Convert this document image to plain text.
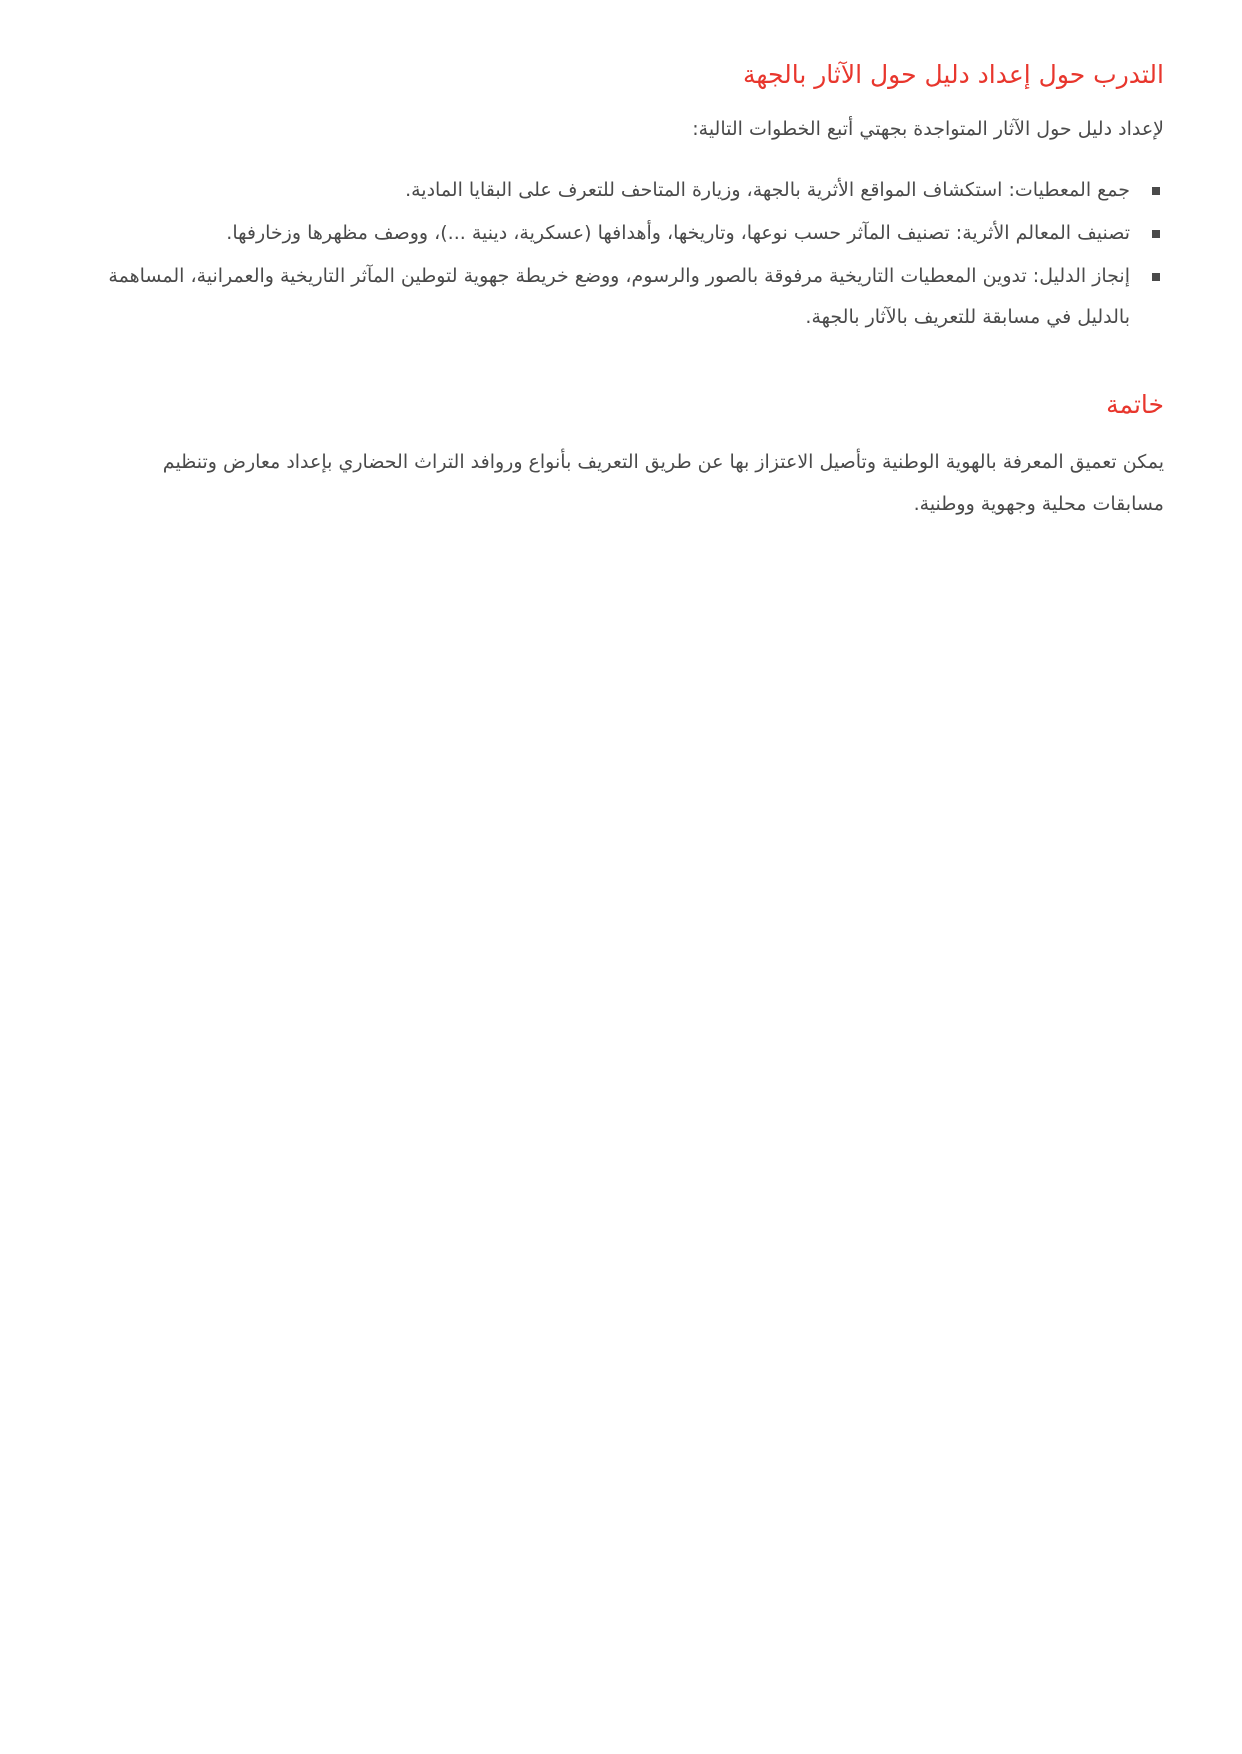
التدرب حول إعداد دليل حول الآثار بالجهة

لإعداد دليل حول الآثار المتواجدة بجهتي أتبع الخطوات التالية:

جمع المعطيات: استكشاف المواقع الأثرية بالجهة، وزيارة المتاحف للتعرف على البقايا المادية.
تصنيف المعالم الأثرية: تصنيف المآثر حسب نوعها، وتاريخها، وأهدافها (عسكرية، دينية ...)، ووصف مظهرها وزخارفها.
إنجاز الدليل: تدوين المعطيات التاريخية مرفوقة بالصور والرسوم، ووضع خريطة جهوية لتوطين المآثر التاريخية والعمرانية، المساهمة بالدليل في مسابقة للتعريف بالآثار بالجهة.
خاتمة

يمكن تعميق المعرفة بالهوية الوطنية وتأصيل الاعتزاز بها عن طريق التعريف بأنواع وروافد التراث الحضاري بإعداد معارض وتنظيم مسابقات محلية وجهوية ووطنية.
